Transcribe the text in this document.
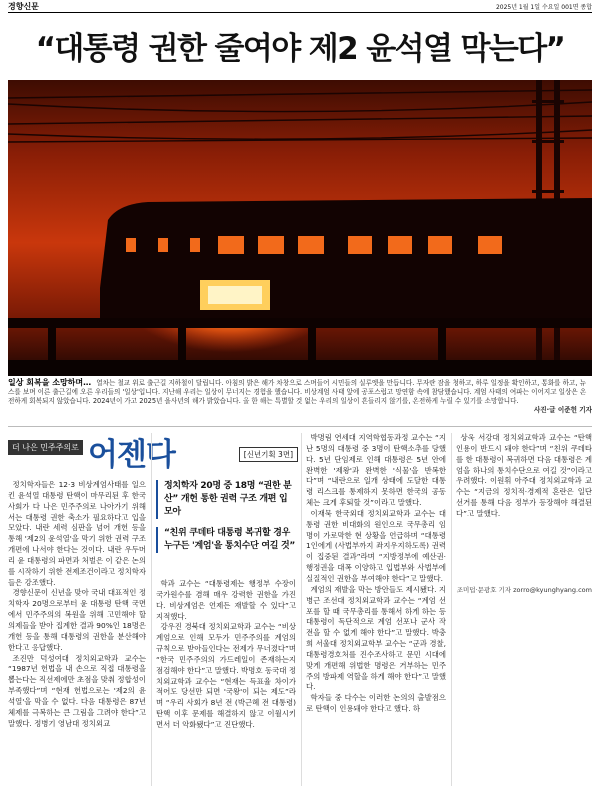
경향신문	2025년 1월 1일 수요일 001면 종합
“대통령 권한 줄여야 제2 윤석열 막는다”
일상 회복을 소망하며… 열차는 철교 위로 출근길 지하철이 달립니다. 아침의 밝은 해가 차창으로 스며들어 시민들의 실루엣을 만듭니다. 무자란 잠을 청하고, 하루 일정을 확인하고, 통화를 하고, 뉴스를 보며 이른 출근길에 오른 우리들의 '일상'입니다. 지난해 우리는 일상이 무너지는 경험을 했습니다. 비상계엄 사태 앞에 공포스럽고 망연함 속에 참담했습니다. 계엄 사태의 여파는 이어지고 일상은 온전하게 회복되지 않았습니다. 2024년이 가고 2025년 을사년의 해가 밝았습니다. 올 한 해는 특별할 것 없는 우리의 일상이 흔들리지 않기를, 온전하게 누릴 수 있기를 소망합니다.
사진·글 이준헌 기자
더 나은 민주주의로 어젠다	[신년기획 3면]

정치학자들은 12·3 비상계엄사태를 일으킨 윤석열 대통령 탄핵이 마무리된 후 한국 사회가 다 나은 민주주의로 나아가기 위해서는 대통령 권한 축소가 필요하다고 입을 모았다. 내란 세력 심판을 넘어 개헌 등을 통해 '제2의 윤석열'을 막기 위한 권력 구조 개편에 나서야 한다는 것이다. 내란 우두머리 윤 대통령의 파면과 처벌은 이 같은 논의를 시작하기 위한 전제조건이라고 정치학자들은 강조했다.

경향신문이 신년을 맞아 국내 대표적인 정치학자 20명으로부터 윤 대통령 탄핵 국면에서 민주주의의 복원을 위해 고민해야 할 의제들을 받아 집계한 결과 90%인 18명은 개헌 등을 통해 대통령의 권한을 분산해야 한다고 응답했다.

조진만 덕성여대 정치외교학과 교수는 “1987년 헌법을 내 손으로 직접 대통령을 뽑는다는 직선제에만 초점을 맞춰 정합성이 부족했다”며 “현재 헌법으로는 '제2의 윤석열'을 막을 수 없다. 다음 대통령은 87년 체제를 극복하는 큰 그림을 그려야 한다”고 말했다. 정병기 영남대 정치외교

정치학자 20명 중 18명 “권한 분산” 개헌 통한 권력 구조 개편 입 모아
“친위 쿠데타 대통령 복귀할 경우 누구든 '계엄'을 통치수단 여길 것”

학과 교수는 “대통령제는 행정부 수장이 국가원수를 겸해 매우 강력한 권한을 가진다. 비상계엄은 언제든 재발할 수 있다”고 지적했다.

강우진 경북대 정치외교학과 교수는 “비상계엄으로 인해 모두가 민주주의를 계엄의 규칙으로 받아들인다는 전제가 무너졌다”며 “한국 민주주의의 가드레일이 존재하는지 점검해야 한다”고 말했다. 박명호 동국대 정치외교학과 교수는 “현재는 득표율 차이가 적어도 당선만 되면 '국왕'이 되는 제도”라며 “우리 사회가 8년 전 (박근혜 전 대통령) 탄핵 이후 문제를 해결하지 않고 이월시키면서 더 악화됐다”고 진단했다.

박명림 연세대 지역학협동과정 교수는 “지난 5명의 대통령 중 3명이 탄핵소추를 당했다. 5년 단임제로 인해 대통령은 5년 안에 완벽한 '제왕'과 완벽한 '식물'을 반복한다”며 “내란으로 일개 상태에 도달한 대통령 리스크를 통제하지 못하면 한국의 공동체는 크게 후퇴할 것”이라고 말했다.

이재묵 한국외대 정치외교학과 교수는 대통령 권한 비대화의 원인으로 국무총리 임명이 가로막한 현 상황을 언급하며 “대통령 1인에게 (사법부까지 좌지우지하도록) 권력이 집중된 결과”라며 “지방정부에 예산권·행정권을 대폭 이양하고 입법부와 사법부에 실질적인 권한을 부여해야 한다”고 말했다.

계엄의 재발을 막는 방안들도 제시됐다. 지병근 조선대 정치외교학과 교수는 “계엄 선포를 할 때 국무총리를 통해서 하게 하는 등 대통령이 독단적으로 계엄 선포나 군사 작전을 할 수 없게 해야 한다”고 말했다. 박충희 서울대 정치외교학부 교수는 “군과 경찰, 대통령경호처를 진수조사하고 문민 시대에 맞게 개편해 위법한 명령은 거부하는 민주주의 방파제 역할을 하게 해야 한다”고 말했다.

학자들 중 다수는 이러한 논의의 출발점으로 탄핵이 인용돼야 한다고 했다. 하

상욱 서강대 정치외교학과 교수는 “탄핵 인용이 반드시 돼야 한다”며 “친위 쿠데타를 한 대통령이 복귀하면 다음 대통령은 계엄을 하나의 통치수단으로 여길 것”이라고 우려했다. 이원휘 아주대 정치외교학과 교수는 “지금의 정치적·경제적 혼란은 일단 선거를 통해 다음 정부가 등장해야 해결된다”고 말했다.

조미덥·문광호 기자 zorro@kyunghyang.com
